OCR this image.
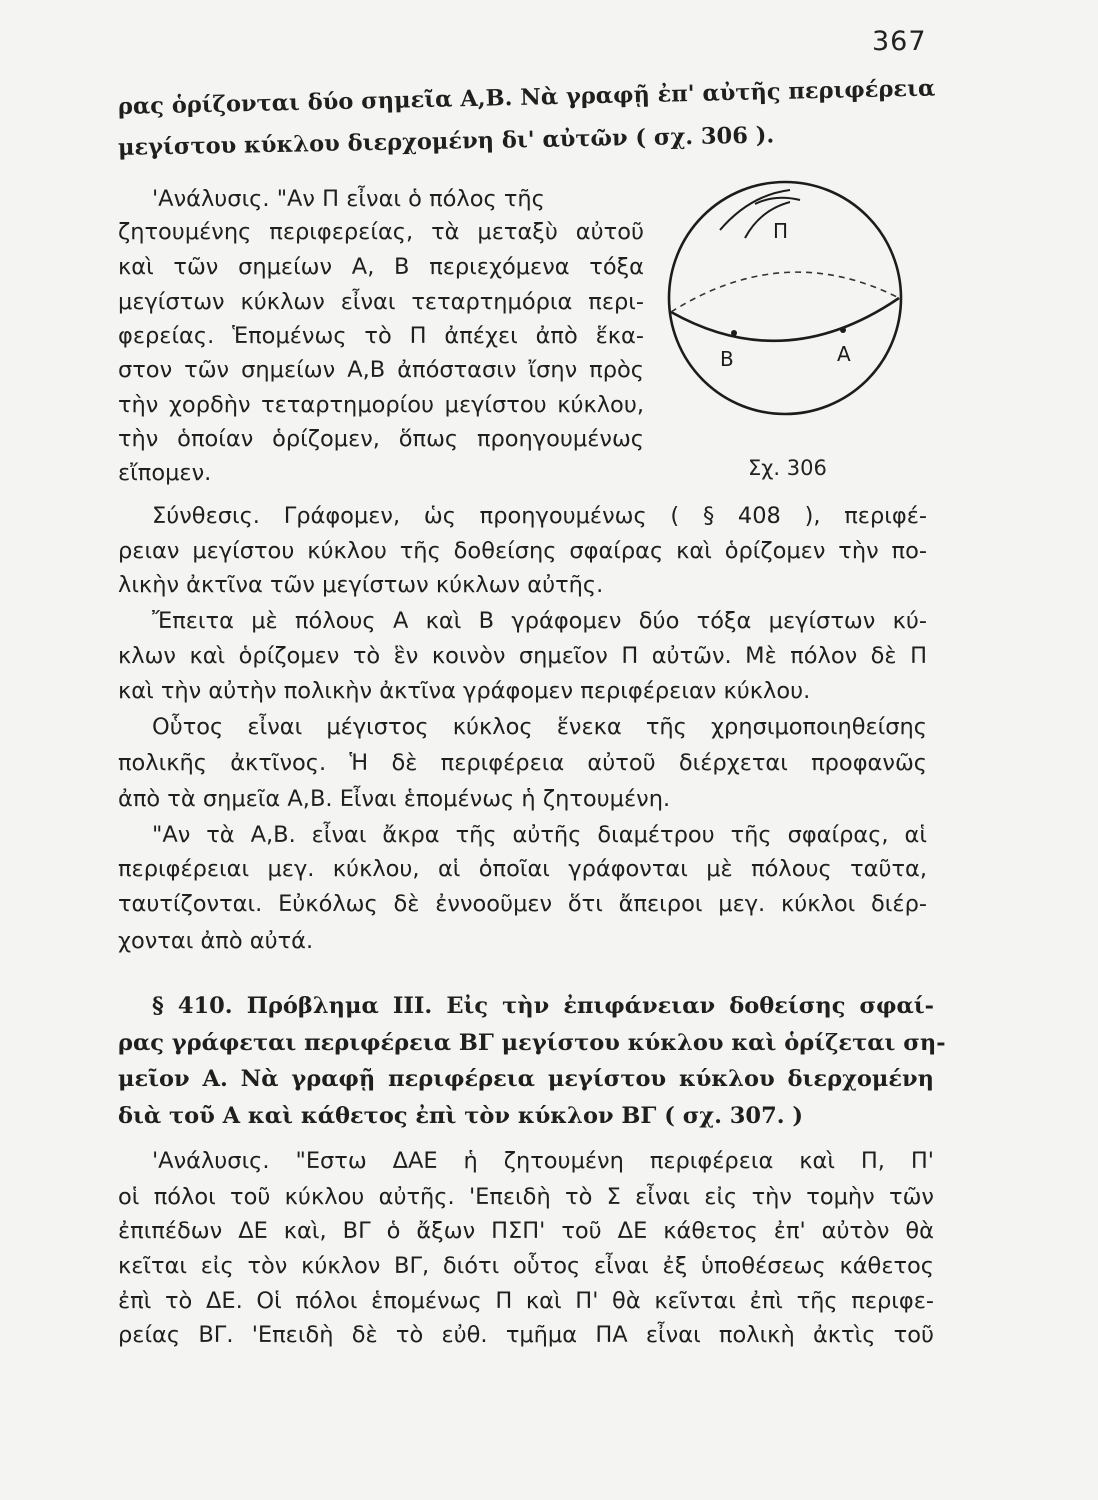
367
ρας ὁρίζονται δύο σημεῖα Α,Β. Νὰ γραφῇ ἐπ' αὐτῆς περιφέρεια
μεγίστου κύκλου διερχομένη δι' αὐτῶν ( σχ. 306 ).
'Ανάλυσις. "Αν Π εἶναι ὁ πόλος τῆς
ζητουμένης περιφερείας, τὰ μεταξὺ αὐτοῦ
καὶ τῶν σημείων Α, Β περιεχόμενα τόξα
μεγίστων κύκλων εἶναι τεταρτημόρια περι-
φερείας. Ἑπομένως τὸ Π ἀπέχει ἀπὸ ἕκα-
στον τῶν σημείων Α,Β ἀπόστασιν ἴσην πρὸς
τὴν χορδὴν τεταρτημορίου μεγίστου κύκλου,
τὴν ὁποίαν ὁρίζομεν, ὅπως προηγουμένως
εἴπομεν.
Π
Β	Α
Σχ. 306
Σύνθεσις. Γράφομεν, ὡς προηγουμένως ( § 408 ), περιφέ-
ρειαν μεγίστου κύκλου τῆς δοθείσης σφαίρας καὶ ὁρίζομεν τὴν πο-
λικὴν ἀκτῖνα τῶν μεγίστων κύκλων αὐτῆς.
Ἔπειτα μὲ πόλους Α καὶ Β γράφομεν δύο τόξα μεγίστων κύ-
κλων καὶ ὁρίζομεν τὸ ἓν κοινὸν σημεῖον Π αὐτῶν. Μὲ πόλον δὲ Π
καὶ τὴν αὐτὴν πολικὴν ἀκτῖνα γράφομεν περιφέρειαν κύκλου.
Οὗτος εἶναι μέγιστος κύκλος ἕνεκα τῆς χρησιμοποιηθείσης
πολικῆς ἀκτῖνος. Ἡ δὲ περιφέρεια αὐτοῦ διέρχεται προφανῶς
ἀπὸ τὰ σημεῖα Α,Β. Εἶναι ἑπομένως ἡ ζητουμένη.
"Αν τὰ Α,Β. εἶναι ἄκρα τῆς αὐτῆς διαμέτρου τῆς σφαίρας, αἱ
περιφέρειαι μεγ. κύκλου, αἱ ὁποῖαι γράφονται μὲ πόλους ταῦτα,
ταυτίζονται. Εὐκόλως δὲ ἐννοοῦμεν ὅτι ἄπειροι μεγ. κύκλοι διέρ-
χονται ἀπὸ αὐτά.
§ 410. Πρόβλημα ΙΙΙ. Εἰς τὴν ἐπιφάνειαν δοθείσης σφαί-
ρας γράφεται περιφέρεια ΒΓ μεγίστου κύκλου καὶ ὁρίζεται ση-
μεῖον Α. Νὰ γραφῇ περιφέρεια μεγίστου κύκλου διερχομένη
διὰ τοῦ Α καὶ κάθετος ἐπὶ τὸν κύκλον ΒΓ ( σχ. 307. )
'Ανάλυσις. "Εστω ΔΑΕ ἡ ζητουμένη περιφέρεια καὶ Π, Π'
οἱ πόλοι τοῦ κύκλου αὐτῆς. 'Επειδὴ τὸ Σ εἶναι εἰς τὴν τομὴν τῶν
ἐπιπέδων ΔΕ καὶ, ΒΓ ὁ ἄξων ΠΣΠ' τοῦ ΔΕ κάθετος ἐπ' αὐτὸν θὰ
κεῖται εἰς τὸν κύκλον ΒΓ, διότι οὗτος εἶναι ἐξ ὑποθέσεως κάθετος
ἐπὶ τὸ ΔΕ. Οἱ πόλοι ἑπομένως Π καὶ Π' θὰ κεῖνται ἐπὶ τῆς περιφε-
ρείας ΒΓ. 'Επειδὴ δὲ τὸ εὐθ. τμῆμα ΠΑ εἶναι πολικὴ ἀκτὶς τοῦ
